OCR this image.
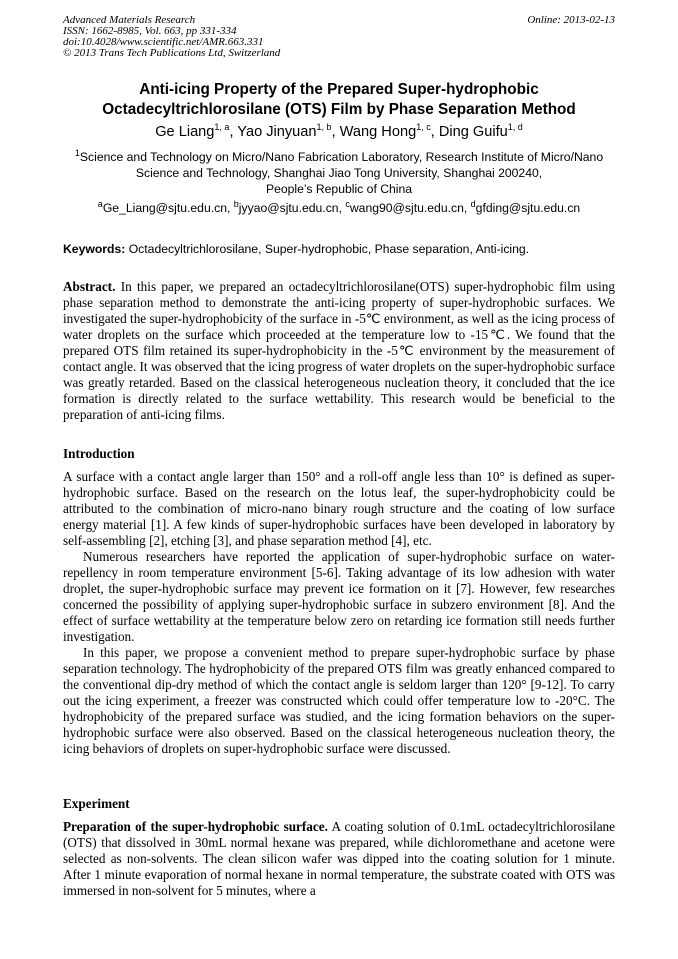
Advanced Materials Research
ISSN: 1662-8985, Vol. 663, pp 331-334
doi:10.4028/www.scientific.net/AMR.663.331
© 2013 Trans Tech Publications Ltd, Switzerland
Online: 2013-02-13
Anti-icing Property of the Prepared Super-hydrophobic
Octadecyltrichlorosilane (OTS) Film by Phase Separation Method
Ge Liang$^{1, a}$, Yao Jinyuan$^{1, b}$, Wang Hong$^{1, c}$, Ding Guifu$^{1, d}$
$^1$Science and Technology on Micro/Nano Fabrication Laboratory, Research Institute of Micro/Nano
Science and Technology, Shanghai Jiao Tong University, Shanghai 200240,
People’s Republic of China
$^a$Ge_Liang@sjtu.edu.cn, $^b$jyyao@sjtu.edu.cn, $^c$wang90@sjtu.edu.cn, $^d$gfding@sjtu.edu.cn
Keywords: Octadecyltrichlorosilane, Super-hydrophobic, Phase separation, Anti-icing.
Abstract. In this paper, we prepared an octadecyltrichlorosilane(OTS) super-hydrophobic film using phase separation method to demonstrate the anti-icing property of super-hydrophobic surfaces. We investigated the super-hydrophobicity of the surface in -5℃ environment, as well as the icing process of water droplets on the surface which proceeded at the temperature low to -15℃. We found that the prepared OTS film retained its super-hydrophobicity in the -5℃ environment by the measurement of contact angle. It was observed that the icing progress of water droplets on the super-hydrophobic surface was greatly retarded. Based on the classical heterogeneous nucleation theory, it concluded that the ice formation is directly related to the surface wettability. This research would be beneficial to the preparation of anti-icing films.
Introduction

A surface with a contact angle larger than 150° and a roll-off angle less than 10° is defined as super-hydrophobic surface. Based on the research on the lotus leaf, the super-hydrophobicity could be attributed to the combination of micro-nano binary rough structure and the coating of low surface energy material [1]. A few kinds of super-hydrophobic surfaces have been developed in laboratory by self-assembling [2], etching [3], and phase separation method [4], etc.

Numerous researchers have reported the application of super-hydrophobic surface on water-repellency in room temperature environment [5-6]. Taking advantage of its low adhesion with water droplet, the super-hydrophobic surface may prevent ice formation on it [7]. However, few researches concerned the possibility of applying super-hydrophobic surface in subzero environment [8]. And the effect of surface wettability at the temperature below zero on retarding ice formation still needs further investigation.

In this paper, we propose a convenient method to prepare super-hydrophobic surface by phase separation technology. The hydrophobicity of the prepared OTS film was greatly enhanced compared to the conventional dip-dry method of which the contact angle is seldom larger than 120° [9-12]. To carry out the icing experiment, a freezer was constructed which could offer temperature low to -20°C. The hydrophobicity of the prepared surface was studied, and the icing formation behaviors on the super-hydrophobic surface were also observed. Based on the classical heterogeneous nucleation theory, the icing behaviors of droplets on super-hydrophobic surface were discussed.

Experiment
Preparation of the super-hydrophobic surface. A coating solution of 0.1mL octadecyltrichlorosilane (OTS) that dissolved in 30mL normal hexane was prepared, while dichloromethane and acetone were selected as non-solvents. The clean silicon wafer was dipped into the coating solution for 1 minute. After 1 minute evaporation of normal hexane in normal temperature, the substrate coated with OTS was immersed in non-solvent for 5 minutes, where a
